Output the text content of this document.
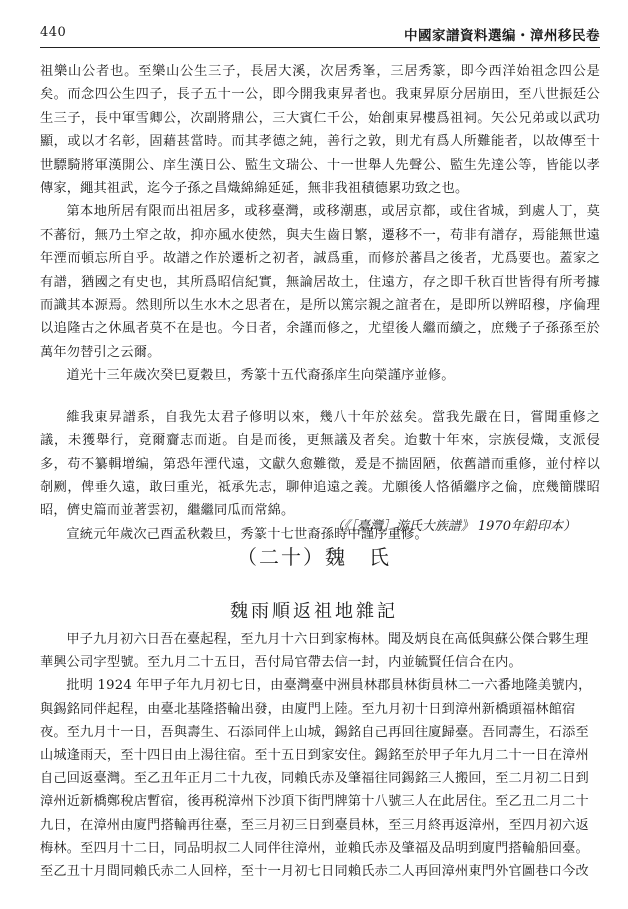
440	中國家譜資料選编・漳州移民卷

祖樂山公者也。至樂山公生三子，長居大溪，次居秀峯，三居秀篆，即今西洋始祖念四公是矣。而念四公生四子，長子五十一公，即今開我東昇者也。我東昇原分居崩田，至八世振廷公生三子，長中軍雪卿公，次副將鼎公，三大賓仁千公，始創東昇樓爲祖祠。矢公兄弟或以武功顯，或以才名彰，固藉甚當時。而其孝德之純，善行之敦，則尤有爲人所難能者，以故傳至十世驃騎將軍漢開公、庠生漢日公、監生文瑞公、十一世舉人先聲公、監生先達公等，皆能以孝傳家，繩其祖武，迄今子孫之昌熾綿綿延延，無非我祖積德累功致之也。

第本地所居有限而出祖居多，或移臺灣，或移潮惠，或居京都，或住省城，到處人丁，莫不蕃衍，無乃土窄之故，抑亦風水使然，與夫生齒日繁，遷移不一，苟非有譜存，焉能無世遠年湮而頓忘所自乎。故譜之作於遷析之初者，誠爲重，而修於蕃昌之後者，尤爲要也。蓋家之有譜，猶國之有史也，其所爲昭信紀實，無論居故土，住遠方，存之即千秋百世皆得有所考據而識其本源焉。然則所以生水木之思者在，是所以篤宗親之誼者在，是即所以辨昭穆，序倫理以追隆古之休風者莫不在是也。今日者，余謹而修之，尤望後人繼而續之，庶幾子子孫孫至於萬年勿替引之云爾。

道光十三年歲次癸巳夏穀旦，秀篆十五代裔孫庠生向榮謹序並修。

維我東昇譜系，自我先太君子修明以來，幾八十年於兹矣。當我先嚴在日，嘗聞重修之議，未獲舉行，竟爾齎志而逝。自是而後，更無議及者矣。迨數十年來，宗族侵熾，支派侵多，苟不纂輯增编，第恐年湮代遠，文獻久愈難徵，爰是不揣固陋，依舊譜而重修，並付梓以剞劂，俾垂久遠，敢曰重光，祗承先志，聊伸追遠之義。尤願後人恪循繼序之倫，庶幾簡牒昭昭，儕史篇而並著雲初，繼繼同瓜而常綿。

宣統元年歲次己酉孟秋穀旦，秀篆十七世裔孫時中謹序重修。

（《［臺灣］游氏大族譜》 1970年鉛印本）
（二十）魏　氏
魏雨順返祖地雜記

甲子九月初六日吾在臺起程，至九月十六日到家梅林。聞及炳良在高低與蘇公傑合夥生理華興公司字型號。至九月二十五日，吾付局官帶去信一封，内並毓賢任信合在内。

批明 1924 年甲子年九月初七日，由臺灣臺中洲員林郡員林街員林二一六番地隆美號内，與錫銘同伴起程，由臺北基隆搭輪出發，由廈門上陸。至九月初十日到漳州新橋頭福林館宿夜。至九月十一日，吾與壽生、石添同伴上山城，錫銘自己再回往廈歸臺。吾同壽生，石添至山城逢雨天，至十四日由上湯往宿。至十五日到家安住。錫銘至於甲子年九月二十一日在漳州自己回返臺灣。至乙丑年正月二十九夜，同賴氏赤及肇福往同錫銘三人搬回，至二月初二日到漳州近新橋鄭稅店暫宿，後再税漳州下沙頂下街門牌第十八號三人在此居住。至乙丑二月二十九日，在漳州由廈門搭輪再往臺，至三月初三日到臺員林，至三月終再返漳州，至四月初六返梅林。至四月十二日，同品明叔二人同伴往漳州，並賴氏赤及肇福及品明到廈門搭輪船回臺。至乙丑十月間同賴氏赤二人回梓，至十一月初七日同賴氏赤二人再回漳州東門外官圖巷口今改
